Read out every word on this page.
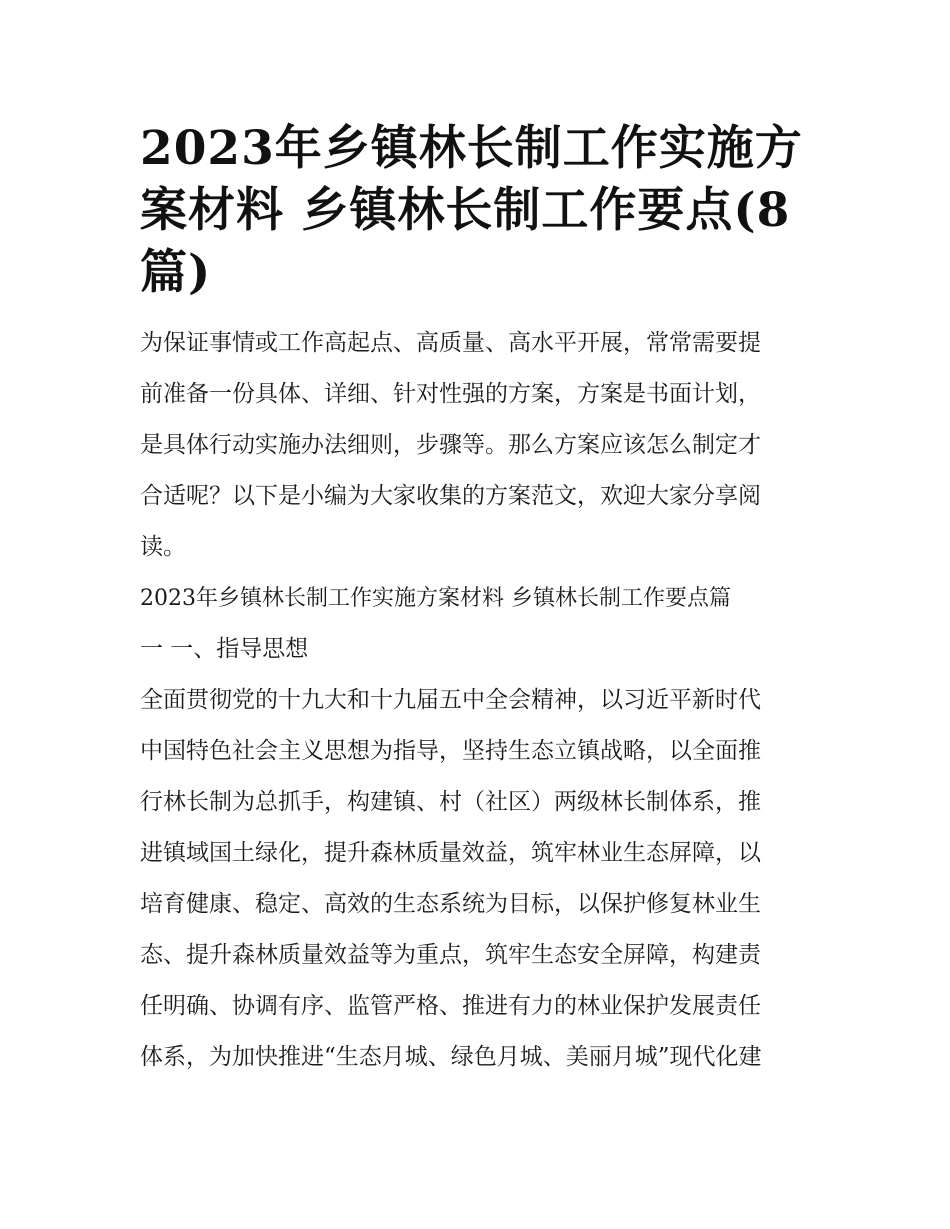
2023年乡镇林长制工作实施方
案材料 乡镇林长制工作要点(8
篇)
为保证事情或工作高起点、高质量、高水平开展，常常需要提
前准备一份具体、详细、针对性强的方案，方案是书面计划，
是具体行动实施办法细则，步骤等。那么方案应该怎么制定才
合适呢？以下是小编为大家收集的方案范文，欢迎大家分享阅
读。
2023年乡镇林长制工作实施方案材料 乡镇林长制工作要点篇
一 一、指导思想
全面贯彻党的十九大和十九届五中全会精神，以习近平新时代
中国特色社会主义思想为指导，坚持生态立镇战略，以全面推
行林长制为总抓手，构建镇、村（社区）两级林长制体系，推
进镇域国土绿化，提升森林质量效益，筑牢林业生态屏障，以
培育健康、稳定、高效的生态系统为目标，以保护修复林业生
态、提升森林质量效益等为重点，筑牢生态安全屏障，构建责
任明确、协调有序、监管严格、推进有力的林业保护发展责任
体系，为加快推进“生态月城、绿色月城、美丽月城”现代化建
